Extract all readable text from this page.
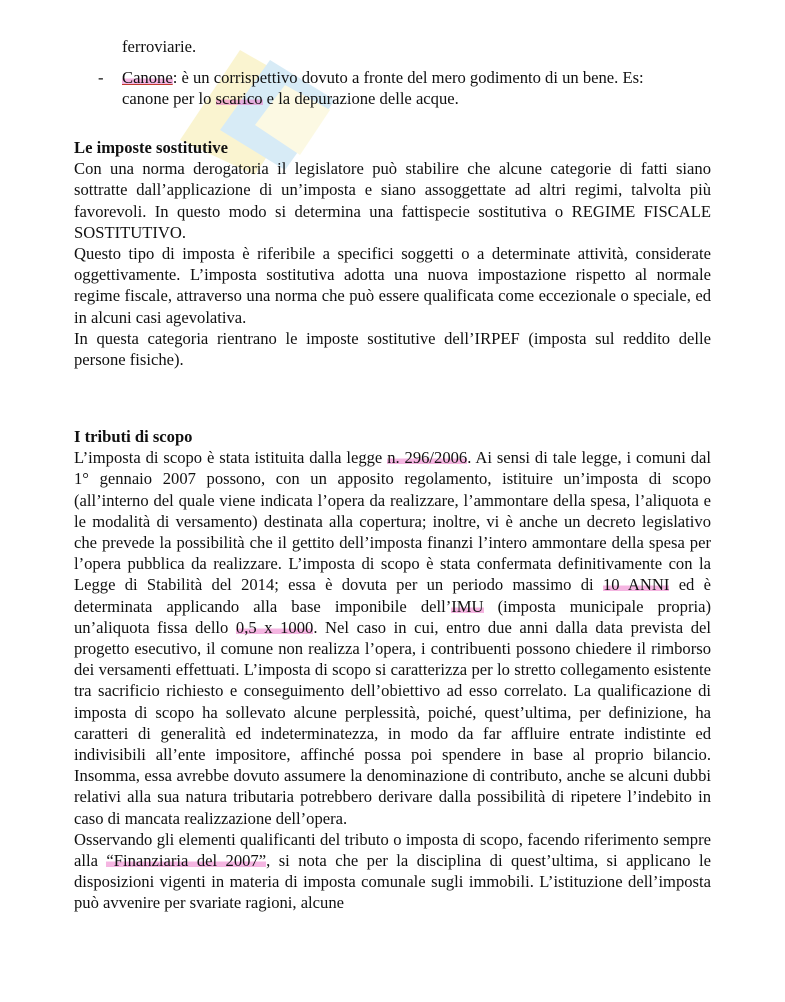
ferroviarie.

- Canone: è un corrispettivo dovuto a fronte del mero godimento di un bene. Es:

canone per lo scarico e la depurazione delle acque.

Le imposte sostitutive

Con una norma derogatoria il legislatore può stabilire che alcune categorie di fatti siano sottratte dall’applicazione di un’imposta e siano assoggettate ad altri regimi, talvolta più favorevoli. In questo modo si determina una fattispecie sostitutiva o REGIME FISCALE SOSTITUTIVO.

Questo tipo di imposta è riferibile a specifici soggetti o a determinate attività, considerate oggettivamente. L’imposta sostitutiva adotta una nuova impostazione rispetto al normale regime fiscale, attraverso una norma che può essere qualificata come eccezionale o speciale, ed in alcuni casi agevolativa.

In questa categoria rientrano le imposte sostitutive dell’IRPEF (imposta sul reddito delle persone fisiche).

I tributi di scopo

L’imposta di scopo è stata istituita dalla legge n. 296/2006. Ai sensi di tale legge, i comuni dal 1° gennaio 2007 possono, con un apposito regolamento, istituire un’imposta di scopo (all’interno del quale viene indicata l’opera da realizzare, l’ammontare della spesa, l’aliquota e le modalità di versamento) destinata alla copertura; inoltre, vi è anche un decreto legislativo che prevede la possibilità che il gettito dell’imposta finanzi l’intero ammontare della spesa per l’opera pubblica da realizzare. L’imposta di scopo è stata confermata definitivamente con la Legge di Stabilità del 2014; essa è dovuta per un periodo massimo di 10 ANNI ed è determinata applicando alla base imponibile dell’IMU (imposta municipale propria) un’aliquota fissa dello 0,5 x 1000. Nel caso in cui, entro due anni dalla data prevista del progetto esecutivo, il comune non realizza l’opera, i contribuenti possono chiedere il rimborso dei versamenti effettuati. L’imposta di scopo si caratterizza per lo stretto collegamento esistente tra sacrificio richiesto e conseguimento dell’obiettivo ad esso correlato. La qualificazione di imposta di scopo ha sollevato alcune perplessità, poiché, quest’ultima, per definizione, ha caratteri di generalità ed indeterminatezza, in modo da far affluire entrate indistinte ed indivisibili all’ente impositore, affinché possa poi spendere in base al proprio bilancio. Insomma, essa avrebbe dovuto assumere la denominazione di contributo, anche se alcuni dubbi relativi alla sua natura tributaria potrebbero derivare dalla possibilità di ripetere l’indebito in caso di mancata realizzazione dell’opera.

Osservando gli elementi qualificanti del tributo o imposta di scopo, facendo riferimento sempre alla “Finanziaria del 2007”, si nota che per la disciplina di quest’ultima, si applicano le disposizioni vigenti in materia di imposta comunale sugli immobili. L’istituzione dell’imposta può avvenire per svariate ragioni, alcune
